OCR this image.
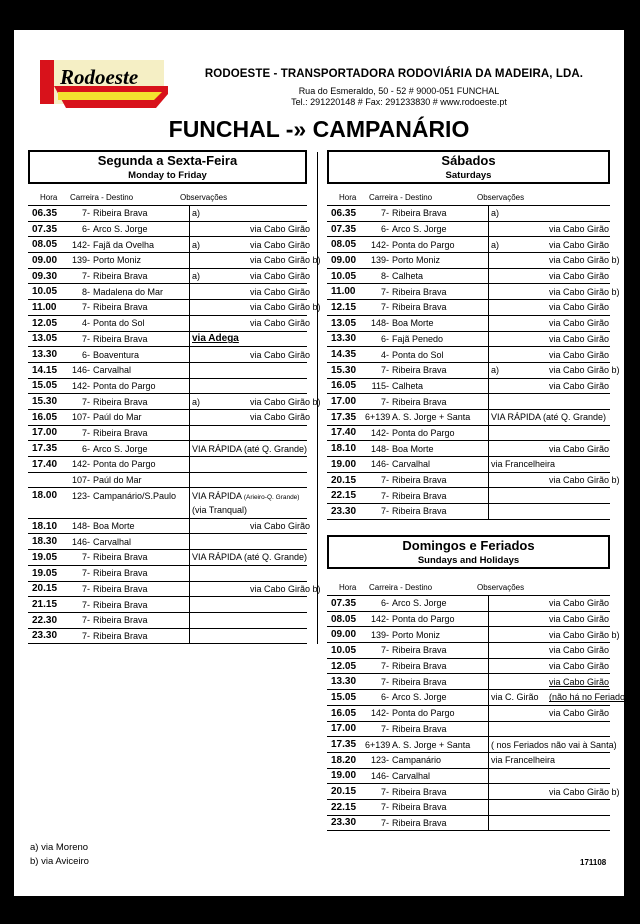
Rodoeste	RODOESTE - TRANSPORTADORA RODOVIÁRIA DA MADEIRA, LDA.
Rua do Esmeraldo, 50 - 52 # 9000-051 FUNCHAL
Tel.: 291220148 # Fax: 291233830 # www.rodoeste.pt
FUNCHAL -» CAMPANÁRIO
Segunda a Sexta-Feira
Monday to Friday
Hora Carreira - Destino	Observações
06.35	7-	Ribeira Brava	a)	
07.35	6-	Arco S. Jorge		via Cabo Girão
08.05	142-	Fajã da Ovelha	a)	via Cabo Girão
09.00	139-	Porto Moniz		via Cabo Girão b)
09.30	7-	Ribeira Brava	a)	via Cabo Girão
10.05	8-	Madalena do Mar		via Cabo Girão
11.00	7-	Ribeira Brava		via Cabo Girão b)
12.05	4-	Ponta do Sol		via Cabo Girão
13.05	7-	Ribeira Brava	via Adega	
13.30	6-	Boaventura		via Cabo Girão
14.15	146-	Carvalhal		
15.05	142-	Ponta do Pargo		
15.30	7-	Ribeira Brava	a)	via Cabo Girão b)
16.05	107-	Paúl do Mar		via Cabo Girão
17.00	7-	Ribeira Brava		
17.35	6-	Arco S. Jorge	VIA RÁPIDA (até Q. Grande)	
17.40	142-	Ponta do Pargo		
	107-	Paúl do Mar		
18.00	123-	Campanário/S.Paulo	VIA RÁPIDA (Arieiro-Q. Grande)	
			(via Tranqual)	
18.10	148-	Boa Morte		via Cabo Girão
18.30	146-	Carvalhal		
19.05	7-	Ribeira Brava	VIA RÁPIDA (até Q. Grande)	
19.05	7-	Ribeira Brava		
20.15	7-	Ribeira Brava		via Cabo Girão b)
21.15	7-	Ribeira Brava		
22.30	7-	Ribeira Brava		
23.30	7-	Ribeira Brava		
Sábados
Saturdays
Hora Carreira - Destino	Observações
06.35	7-	Ribeira Brava	a)	
07.35	6-	Arco S. Jorge		via Cabo Girão
08.05	142-	Ponta do Pargo	a)	via Cabo Girão
09.00	139-	Porto Moniz		via Cabo Girão b)
10.05	8-	Calheta		via Cabo Girão
11.00	7-	Ribeira Brava		via Cabo Girão b)
12.15	7-	Ribeira Brava		via Cabo Girão
13.05	148-	Boa Morte		via Cabo Girão
13.30	6-	Fajã Penedo		via Cabo Girão
14.35	4-	Ponta do Sol		via Cabo Girão
15.30	7-	Ribeira Brava	a)	via Cabo Girão b)
16.05	115-	Calheta		via Cabo Girão
17.00	7-	Ribeira Brava		
17.35	6+139	A. S. Jorge + Santa	VIA RÁPIDA (até Q. Grande)	
17.40	142-	Ponta do Pargo		
18.10	148-	Boa Morte		via Cabo Girão
19.00	146-	Carvalhal	via Francelheira	
20.15	7-	Ribeira Brava		via Cabo Girão b)
22.15	7-	Ribeira Brava		
23.30	7-	Ribeira Brava		
Domingos e Feriados
Sundays and Holidays
Hora Carreira - Destino	Observações
07.35	6-	Arco S. Jorge		via Cabo Girão
08.05	142-	Ponta do Pargo		via Cabo Girão
09.00	139-	Porto Moniz		via Cabo Girão b)
10.05	7-	Ribeira Brava		via Cabo Girão
12.05	7-	Ribeira Brava		via Cabo Girão
13.30	7-	Ribeira Brava		via Cabo Girão
15.05	6-	Arco S. Jorge	via C. Girão	(não há no Feriado)
16.05	142-	Ponta do Pargo		via Cabo Girão
17.00	7-	Ribeira Brava		
17.35	6+139	A. S. Jorge + Santa	( nos Feriados não vai à Santa)	
18.20	123-	Campanário	via Francelheira	
19.00	146-	Carvalhal		
20.15	7-	Ribeira Brava		via Cabo Girão b)
22.15	7-	Ribeira Brava		
23.30	7-	Ribeira Brava		
a) via Moreno
b) via Aviceiro	171108
